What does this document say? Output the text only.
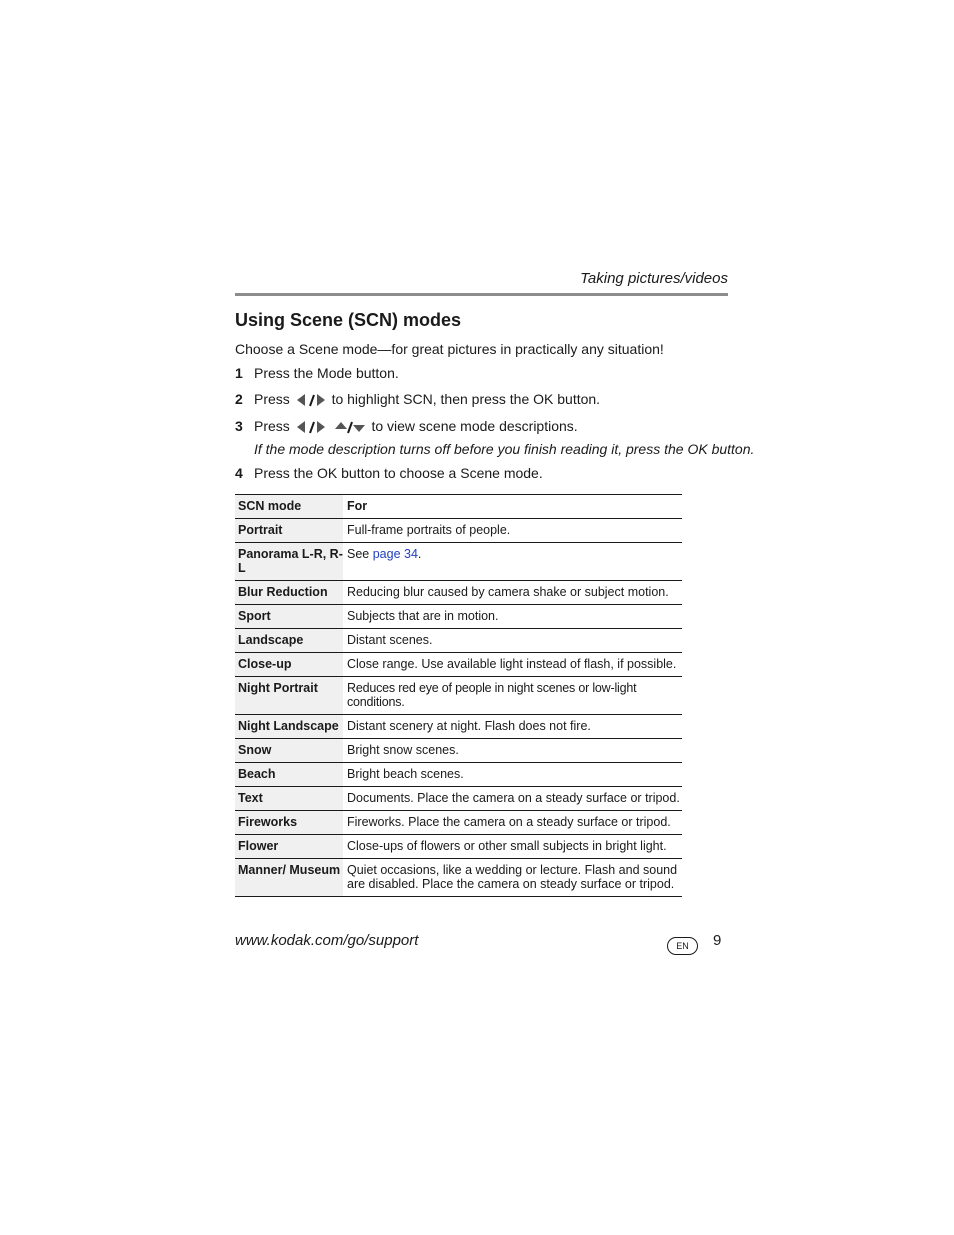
Taking pictures/videos
Using Scene (SCN) modes
Choose a Scene mode—for great pictures in practically any situation!
1 Press the Mode button.
2 Press	to highlight SCN, then press the OK button.
3 Press
	to view scene mode descriptions.
If the mode description turns off before you finish reading it, press the OK button.
4 Press the OK button to choose a Scene mode.
SCN mode	For
Portrait	Full-frame portraits of people.
Panorama L-R, R-L	See page 34.
Blur Reduction	Reducing blur caused by camera shake or subject motion.
Sport	Subjects that are in motion.
Landscape	Distant scenes.
Close-up	Close range. Use available light instead of flash, if possible.
Night Portrait	Reduces red eye of people in night scenes or low-light conditions.
Night Landscape	Distant scenery at night. Flash does not fire.
Snow	Bright snow scenes.
Beach	Bright beach scenes.
Text	Documents. Place the camera on a steady surface or tripod.
Fireworks	Fireworks. Place the camera on a steady surface or tripod.
Flower	Close-ups of flowers or other small subjects in bright light.
Manner/ Museum	Quiet occasions, like a wedding or lecture. Flash and sound are disabled. Place the camera on steady surface or tripod.
www.kodak.com/go/support	EN	9
